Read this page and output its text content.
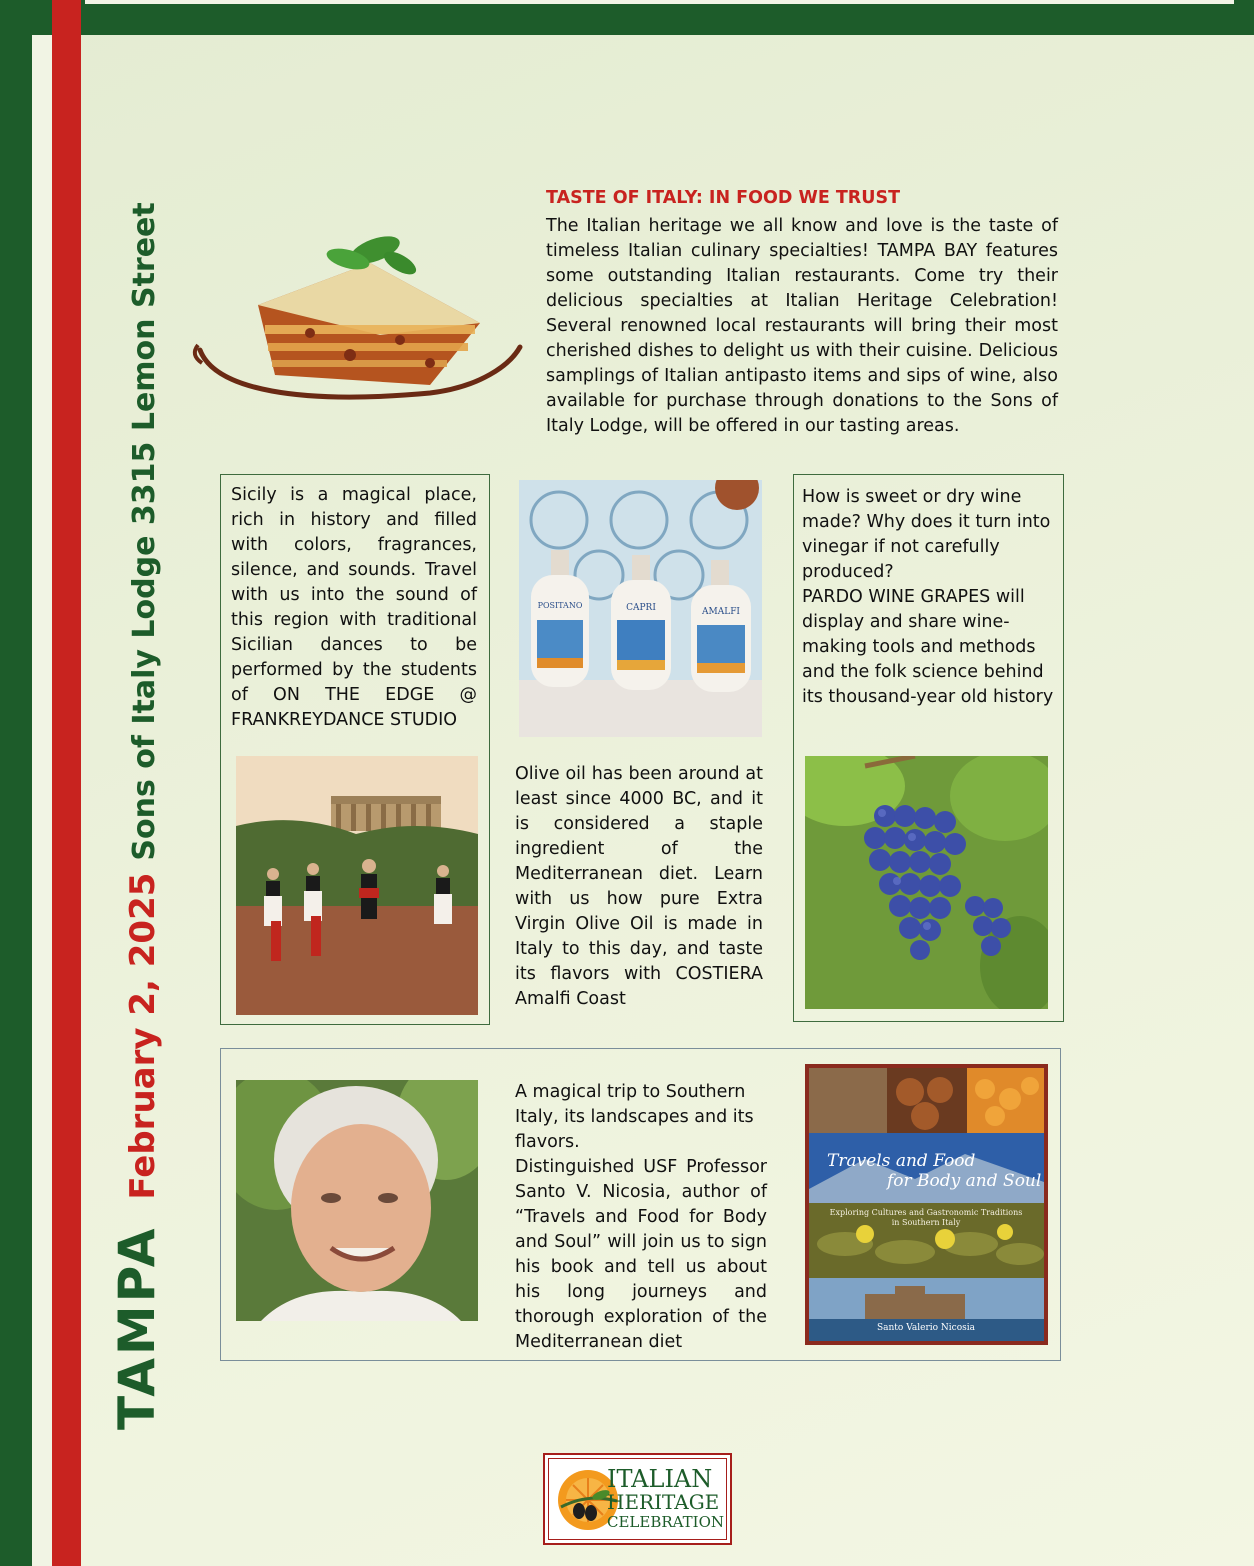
TAMPAFebruary 2, 2025Sons of Italy Lodge 3315 Lemon Street
TASTE OF ITALY: IN FOOD WE TRUST
The Italian heritage we all know and love is the taste of timeless Italian culinary specialties! TAMPA BAY features some outstanding Italian restaurants. Come try their delicious specialties at Italian Heritage Celebration! Several renowned local restaurants will bring their most cherished dishes to delight us with their cuisine. Delicious samplings of Italian antipasto items and sips of wine, also available for purchase through donations to the Sons of Italy Lodge, will be offered in our tasting areas.
Sicily is a magical place, rich in history and filled with colors, fragrances, silence, and sounds. Travel with us into the sound of this region with traditional Sicilian dances to be performed by the students of ON THE EDGE @ FRANKREYDANCE STUDIO
POSITANO	CAPRI	AMALFI
Olive oil has been around at least since 4000 BC, and it is considered a staple ingredient of the Mediterranean diet. Learn with us how pure Extra Virgin Olive Oil is made in Italy to this day, and taste its flavors with COSTIERA Amalfi Coast
How is sweet or dry wine made? Why does it turn into vinegar if not carefully produced?
PARDO WINE GRAPES will display and share wine-making tools and methods and the folk science behind its thousand-year old history
A magical trip to Southern Italy, its landscapes and its flavors.
Distinguished USF Professor Santo V. Nicosia, author of “Travels and Food for Body and Soul” will join us to sign his book and tell us about his long journeys and thorough exploration of the Mediterranean diet
Travels and Food
for Body and Soul
Exploring Cultures and Gastronomic Traditions
in Southern Italy
Santo Valerio Nicosia
ITALIAN
HERITAGE
CELEBRATION
